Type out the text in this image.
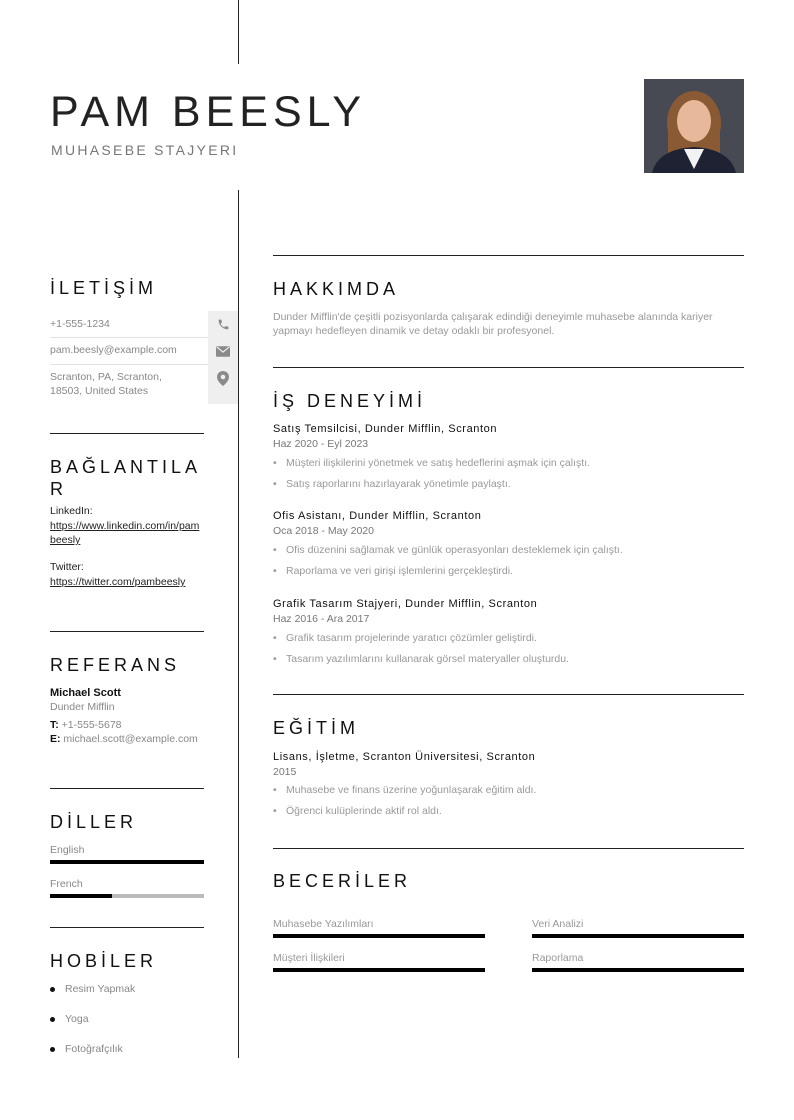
PAM BEESLY
MUHASEBE STAJYERI
İLETİŞİM
+1-555-1234
pam.beesly@example.com
Scranton, PA, Scranton,
18503, United States
BAĞLANTILA R
LinkedIn:
https://www.linkedin.com/in/pambeesly
Twitter:
https://twitter.com/pambeesly
REFERANS
Michael Scott
Dunder Mifflin
T: +1-555-5678
E: michael.scott@example.com
DİLLER
English
French
HOBİLER
Resim Yapmak
Yoga
Fotoğrafçılık
HAKKIMDA
Dunder Mifflin'de çeşitli pozisyonlarda çalışarak edindiği deneyimle muhasebe alanında kariyer yapmayı hedefleyen dinamik ve detay odaklı bir profesyonel.
İŞ DENEYİMİ
Satış Temsilcisi, Dunder Mifflin, Scranton
Haz 2020 - Eyl 2023
• Müşteri ilişkilerini yönetmek ve satış hedeflerini aşmak için çalıştı.
• Satış raporlarını hazırlayarak yönetimle paylaştı.
Ofis Asistanı, Dunder Mifflin, Scranton
Oca 2018 - May 2020
• Ofis düzenini sağlamak ve günlük operasyonları desteklemek için çalıştı.
• Raporlama ve veri girişi işlemlerini gerçekleştirdi.
Grafik Tasarım Stajyeri, Dunder Mifflin, Scranton
Haz 2016 - Ara 2017
• Grafik tasarım projelerinde yaratıcı çözümler geliştirdi.
• Tasarım yazılımlarını kullanarak görsel materyaller oluşturdu.
EĞİTİM
Lisans, İşletme, Scranton Üniversitesi, Scranton
2015
• Muhasebe ve finans üzerine yoğunlaşarak eğitim aldı.
• Öğrenci kulüplerinde aktif rol aldı.
BECERİLER
Muhasebe Yazılımları	Veri Analizi
Müşteri İlişkileri	Raporlama
